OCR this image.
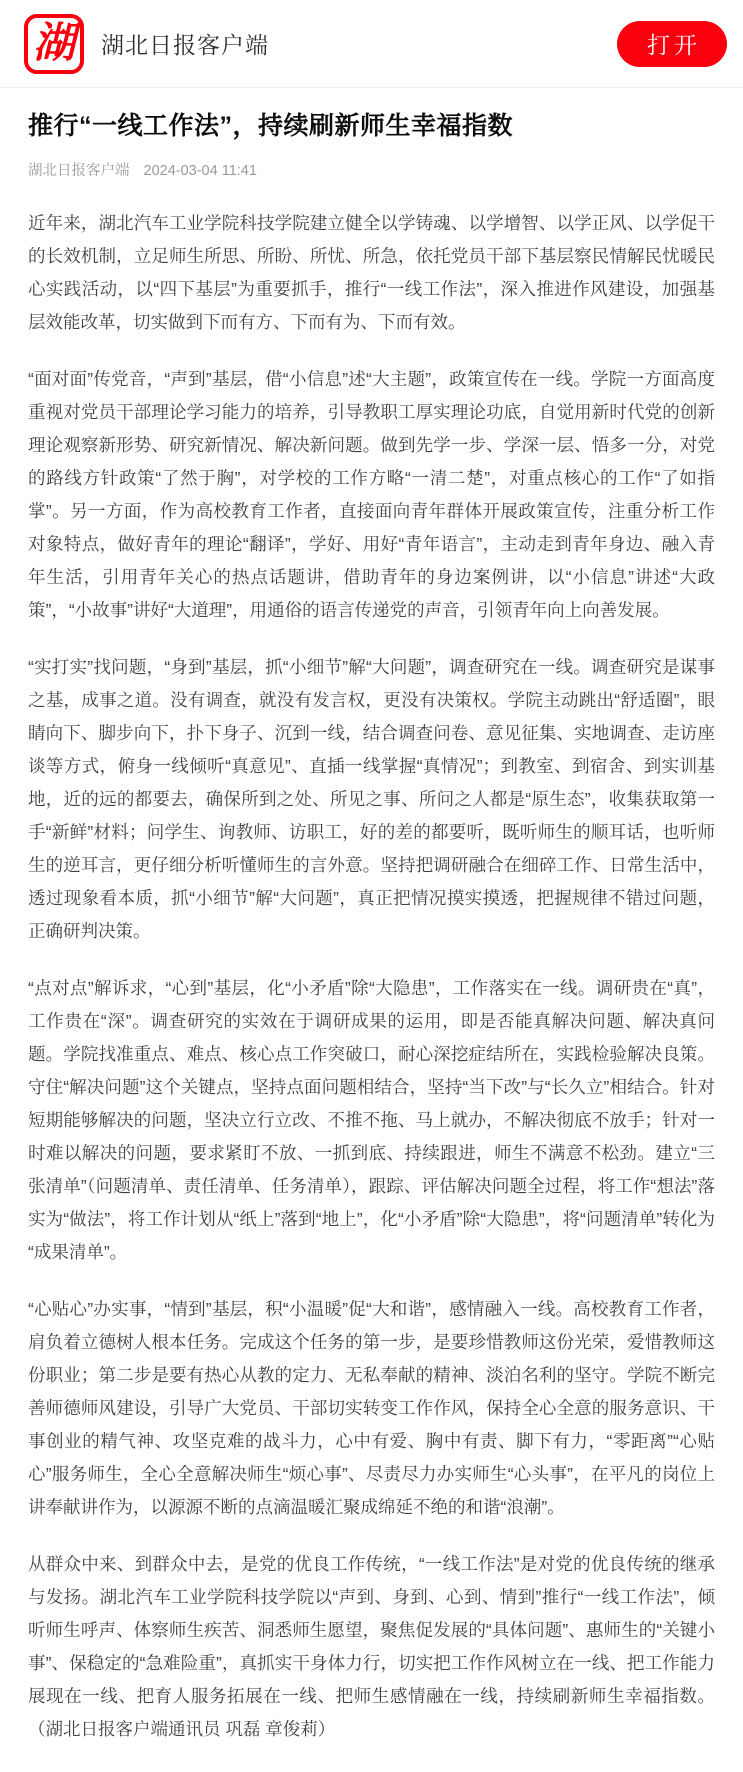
湖 湖北日报客户端	打开
推行“一线工作法”，持续刷新师生幸福指数
湖北日报客户端 2024-03-04 11:41

近年来，湖北汽车工业学院科技学院建立健全以学铸魂、以学增智、以学正风、以学促干的长效机制，立足师生所思、所盼、所忧、所急，依托党员干部下基层察民情解民忧暖民心实践活动，以“四下基层”为重要抓手，推行“一线工作法”，深入推进作风建设，加强基层效能改革，切实做到下而有方、下而有为、下而有效。

“面对面”传党音，“声到”基层，借“小信息”述“大主题”，政策宣传在一线。学院一方面高度重视对党员干部理论学习能力的培养，引导教职工厚实理论功底，自觉用新时代党的创新理论观察新形势、研究新情况、解决新问题。做到先学一步、学深一层、悟多一分，对党的路线方针政策“了然于胸”，对学校的工作方略“一清二楚”，对重点核心的工作“了如指掌”。另一方面，作为高校教育工作者，直接面向青年群体开展政策宣传，注重分析工作对象特点，做好青年的理论“翻译”，学好、用好“青年语言”，主动走到青年身边、融入青年生活，引用青年关心的热点话题讲，借助青年的身边案例讲，以“小信息”讲述“大政策”，“小故事”讲好“大道理”，用通俗的语言传递党的声音，引领青年向上向善发展。

“实打实”找问题，“身到”基层，抓“小细节”解“大问题”，调查研究在一线。调查研究是谋事之基，成事之道。没有调查，就没有发言权，更没有决策权。学院主动跳出“舒适圈”，眼睛向下、脚步向下，扑下身子、沉到一线，结合调查问卷、意见征集、实地调查、走访座谈等方式，俯身一线倾听“真意见”、直插一线掌握“真情况”；到教室、到宿舍、到实训基地，近的远的都要去，确保所到之处、所见之事、所问之人都是“原生态”，收集获取第一手“新鲜”材料；问学生、询教师、访职工，好的差的都要听，既听师生的顺耳话，也听师生的逆耳言，更仔细分析听懂师生的言外意。坚持把调研融合在细碎工作、日常生活中，透过现象看本质，抓“小细节”解“大问题”，真正把情况摸实摸透，把握规律不错过问题，正确研判决策。

“点对点”解诉求，“心到”基层，化“小矛盾”除“大隐患”，工作落实在一线。调研贵在“真”，工作贵在“深”。调查研究的实效在于调研成果的运用，即是否能真解决问题、解决真问题。学院找准重点、难点、核心点工作突破口，耐心深挖症结所在，实践检验解决良策。守住“解决问题”这个关键点，坚持点面问题相结合，坚持“当下改”与“长久立”相结合。针对短期能够解决的问题，坚决立行立改、不推不拖、马上就办，不解决彻底不放手；针对一时难以解决的问题，要求紧盯不放、一抓到底、持续跟进，师生不满意不松劲。建立“三张清单”（问题清单、责任清单、任务清单），跟踪、评估解决问题全过程，将工作“想法”落实为“做法”，将工作计划从“纸上”落到“地上”，化“小矛盾”除“大隐患”，将“问题清单”转化为“成果清单”。

“心贴心”办实事，“情到”基层，积“小温暖”促“大和谐”，感情融入一线。高校教育工作者，肩负着立德树人根本任务。完成这个任务的第一步，是要珍惜教师这份光荣，爱惜教师这份职业；第二步是要有热心从教的定力、无私奉献的精神、淡泊名利的坚守。学院不断完善师德师风建设，引导广大党员、干部切实转变工作作风，保持全心全意的服务意识、干事创业的精气神、攻坚克难的战斗力，心中有爱、胸中有责、脚下有力，“零距离”“心贴心”服务师生，全心全意解决师生“烦心事”、尽责尽力办实师生“心头事”，在平凡的岗位上讲奉献讲作为，以源源不断的点滴温暖汇聚成绵延不绝的和谐“浪潮”。

从群众中来、到群众中去，是党的优良工作传统，“一线工作法”是对党的优良传统的继承与发扬。湖北汽车工业学院科技学院以“声到、身到、心到、情到”推行“一线工作法”，倾听师生呼声、体察师生疾苦、洞悉师生愿望，聚焦促发展的“具体问题”、惠师生的“关键小事”、保稳定的“急难险重”，真抓实干身体力行，切实把工作作风树立在一线、把工作能力展现在一线、把育人服务拓展在一线、把师生感情融在一线，持续刷新师生幸福指数。（湖北日报客户端通讯员 巩磊 章俊莉）
